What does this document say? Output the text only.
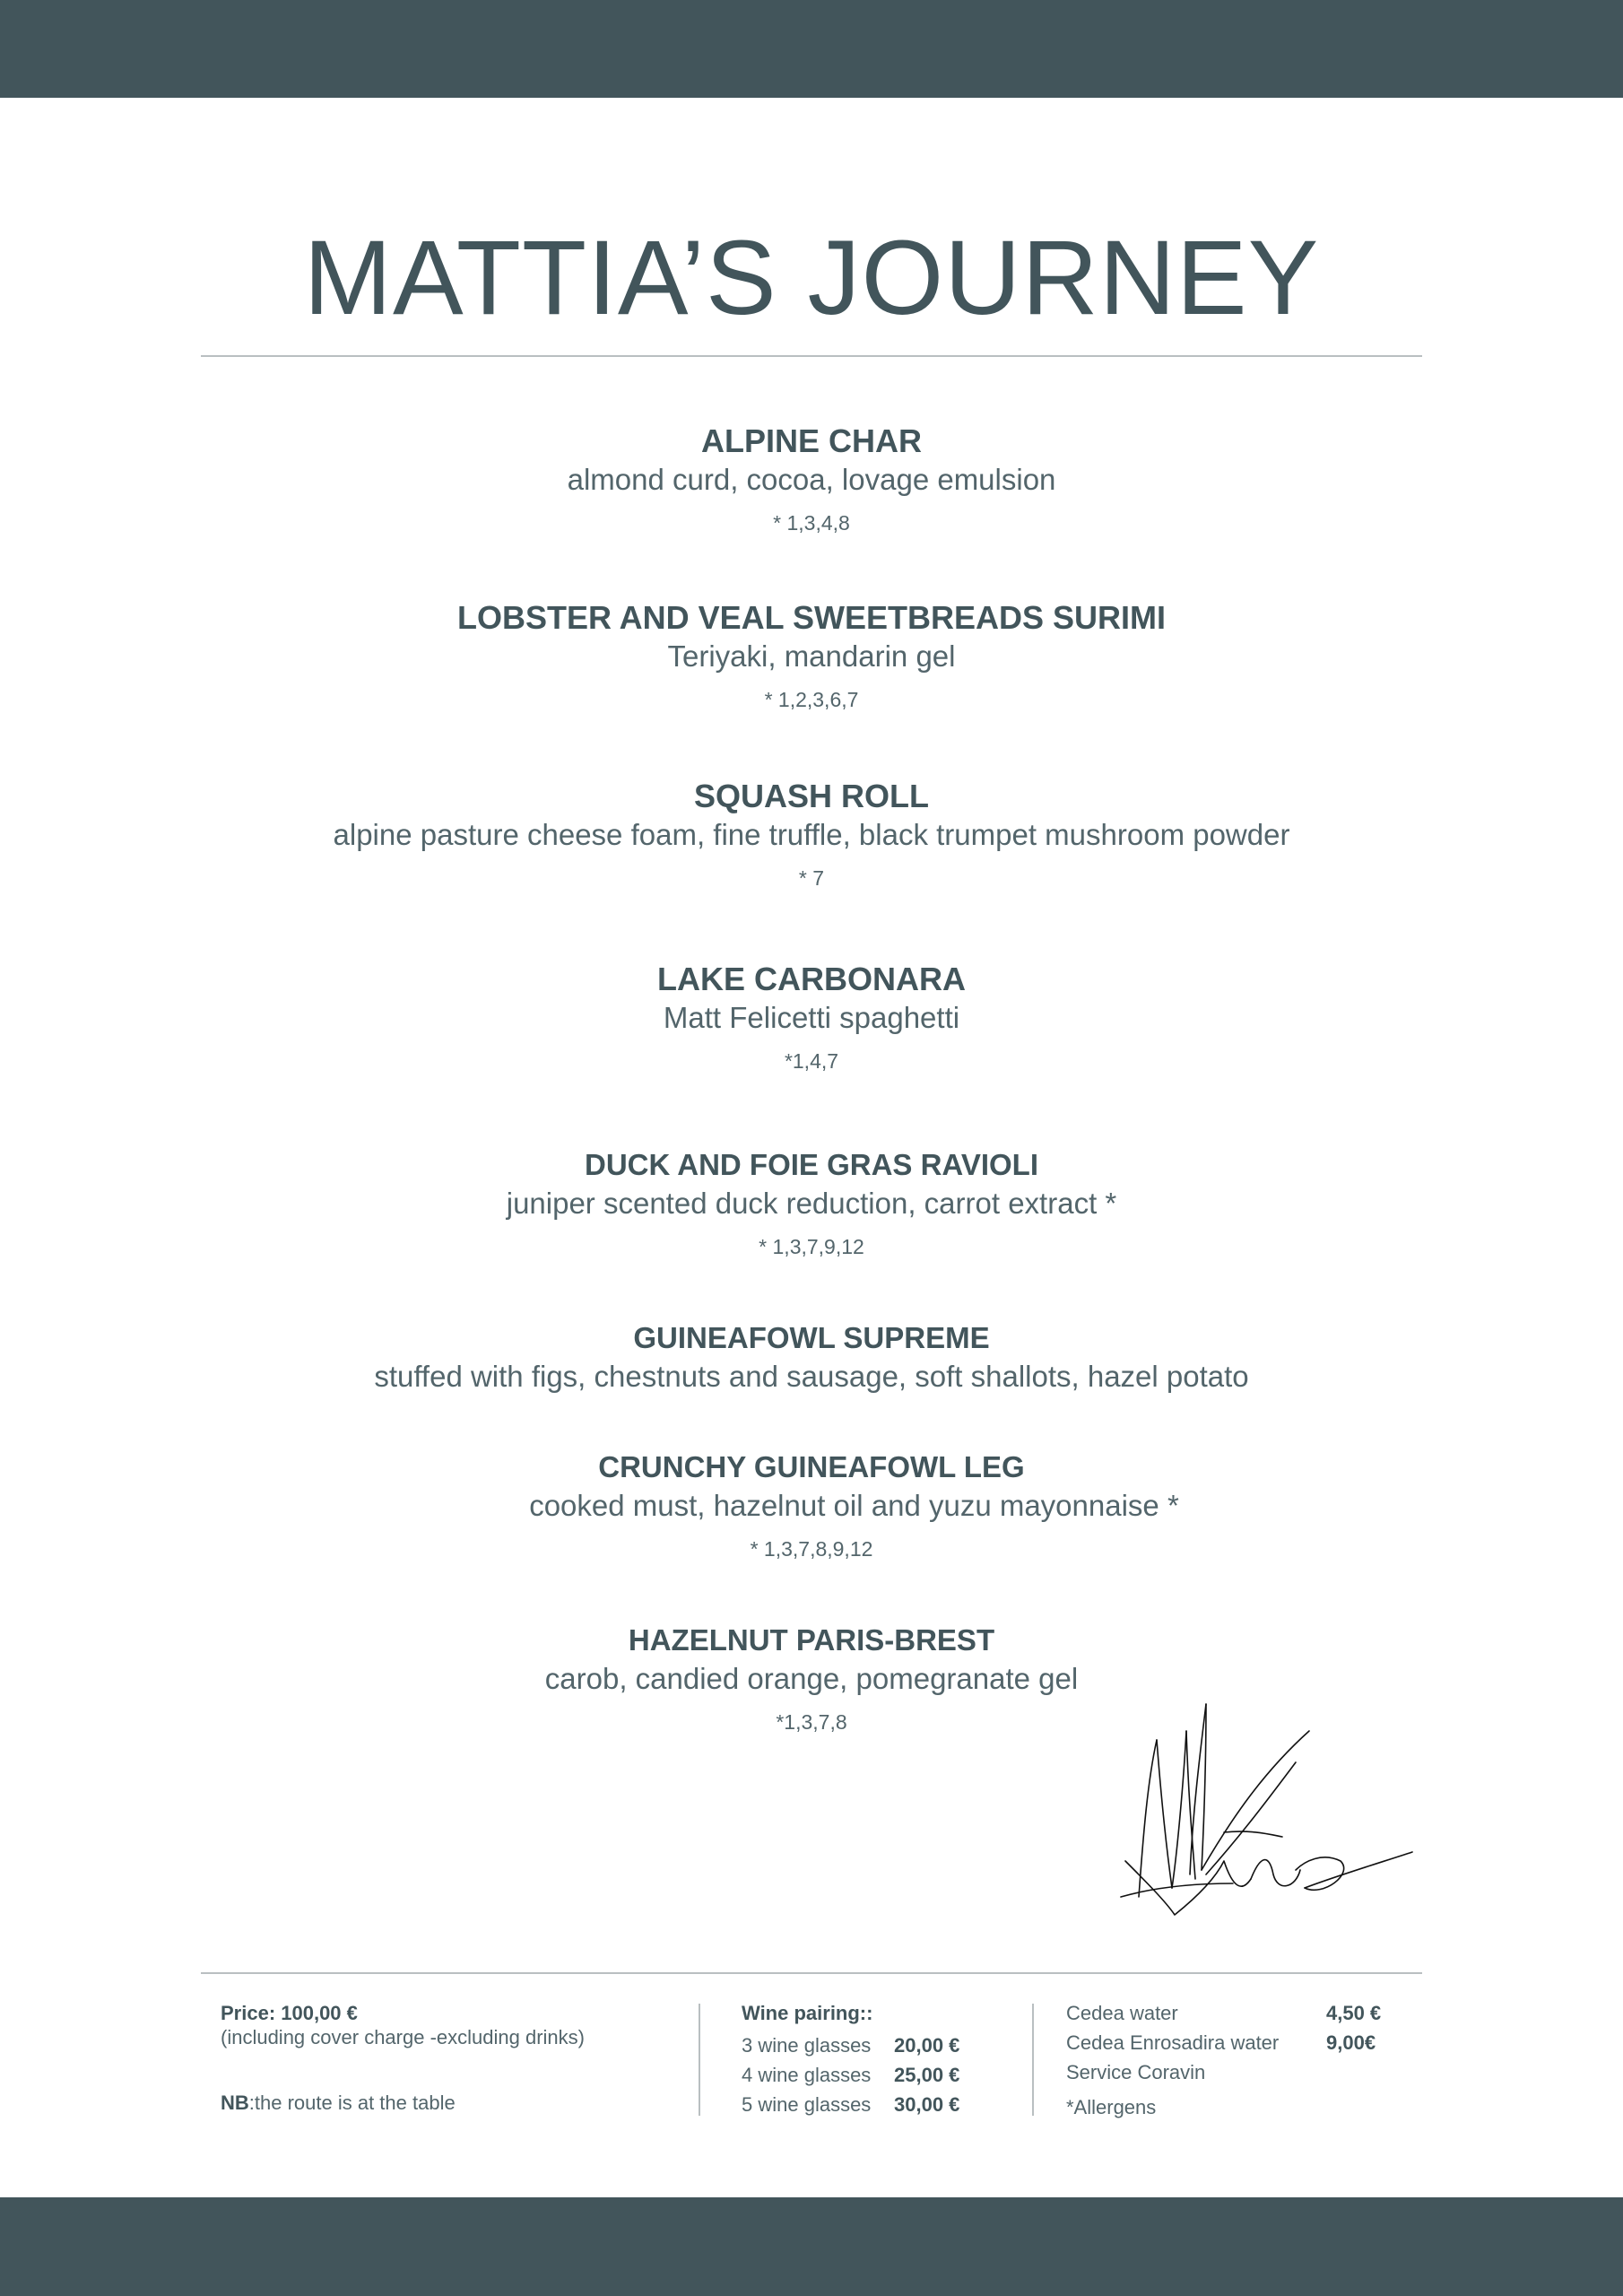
MATTIA’S JOURNEY
ALPINE CHAR
almond curd, cocoa, lovage emulsion
* 1,3,4,8
LOBSTER AND VEAL SWEETBREADS SURIMI
Teriyaki, mandarin gel
* 1,2,3,6,7
SQUASH ROLL
alpine pasture cheese foam, fine truffle, black trumpet mushroom powder
* 7
LAKE CARBONARA
Matt Felicetti spaghetti
*1,4,7
DUCK AND FOIE GRAS RAVIOLI
juniper scented duck reduction, carrot extract *
* 1,3,7,9,12
GUINEAFOWL SUPREME
stuffed with figs, chestnuts and sausage, soft shallots, hazel potato
CRUNCHY GUINEAFOWL LEG
cooked must, hazelnut oil and yuzu mayonnaise *
* 1,3,7,8,9,12
HAZELNUT PARIS-BREST
carob, candied orange, pomegranate gel
*1,3,7,8
Price: 100,00 €
(including cover charge -excluding drinks)
NB:the route is at the table
Wine pairing::
3 wine glasses	20,00 €
4 wine glasses	25,00 €
5 wine glasses	30,00 €
Cedea water	4,50 €
Cedea Enrosadira water	9,00€
Service Coravin
*Allergens
